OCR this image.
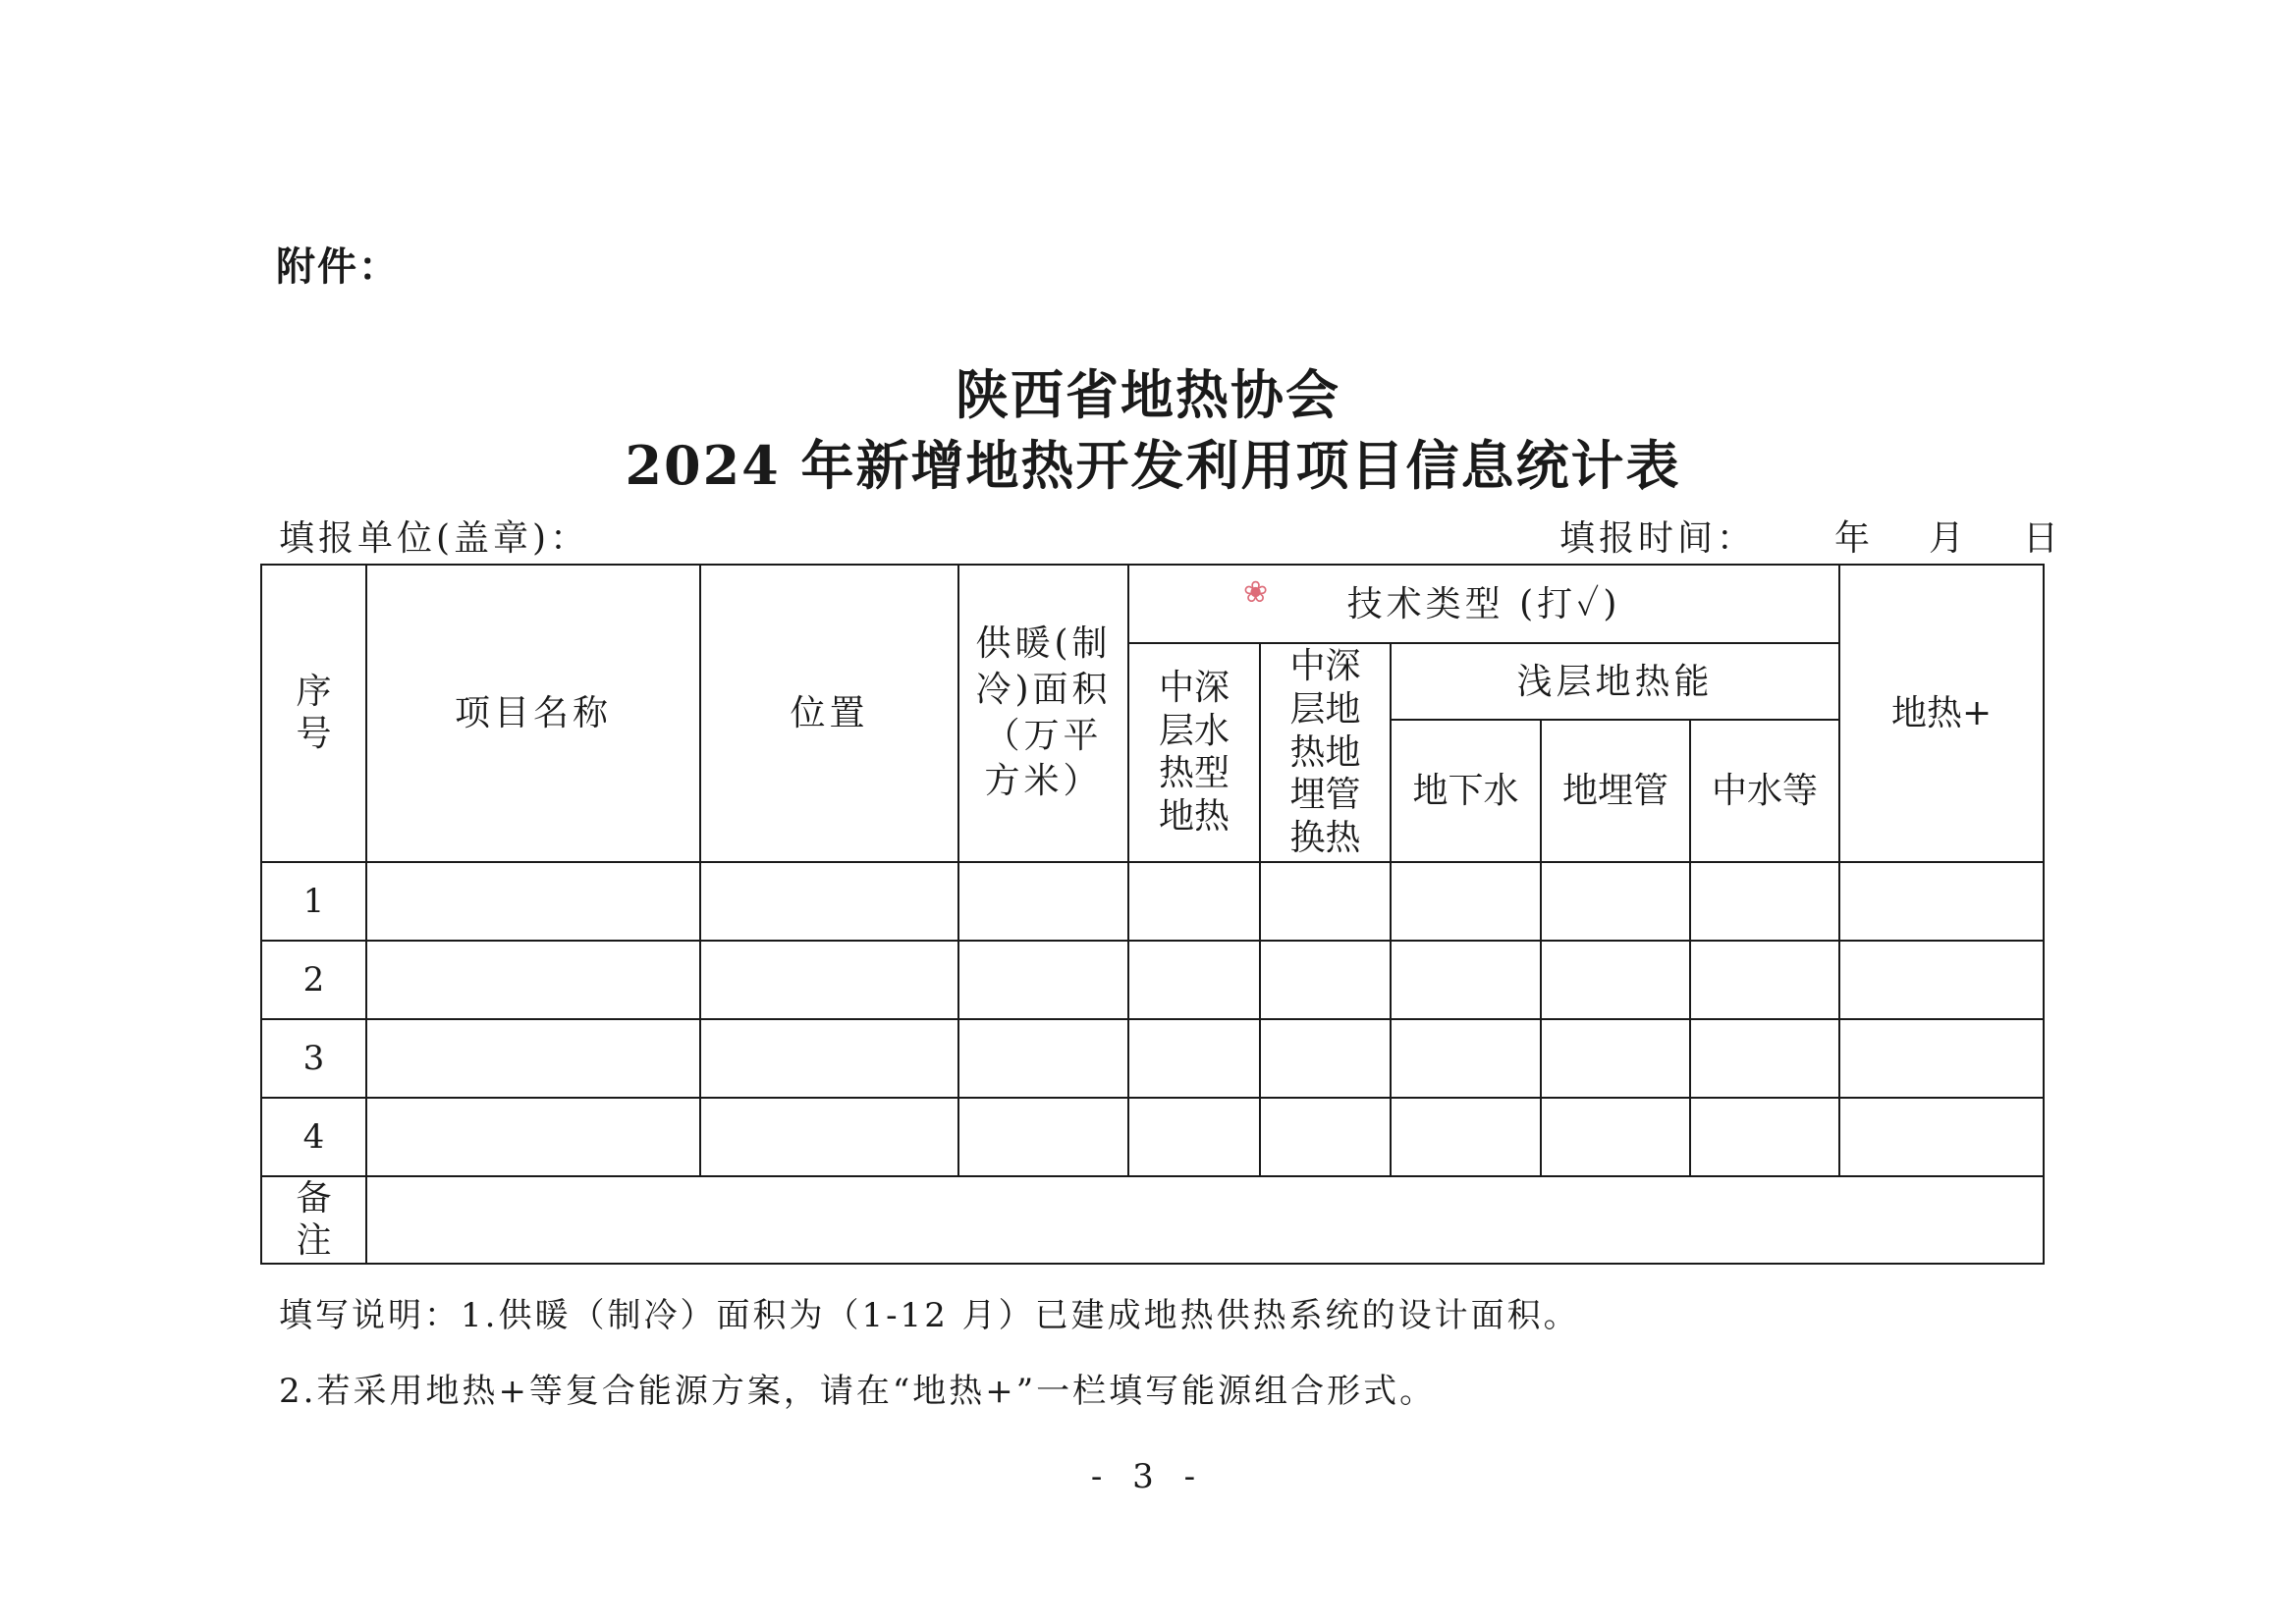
附件：
陕西省地热协会
2024 年新增地热开发利用项目信息统计表
填报单位(盖章)：	填报时间： 年 月 日
❀
序号	项目名称	位置	供暖(制冷)面积（万平方米）	技术类型 (打✓)					地热+
				中深层水热型地热	中深层地热地埋管换热	浅层地热能			
						地下水	地埋管	中水等	
1									
2									
3									
4									
备注									
填写说明：1.供暖（制冷）面积为（1-12 月）已建成地热供热系统的设计面积。
2.若采用地热+等复合能源方案，请在“地热+”一栏填写能源组合形式。
- 3 -
